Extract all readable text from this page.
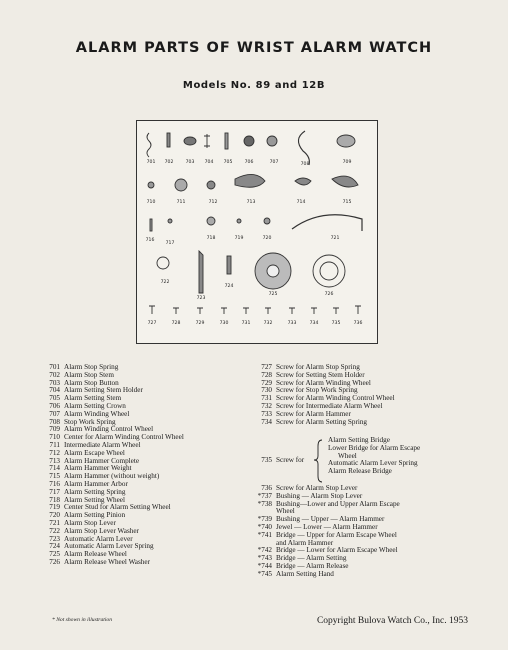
ALARM PARTS OF WRIST ALARM WATCH
Models No. 89 and 12B
701 702	703 704 705	706	707	708	709
710	711	712	713	714	715
716
717
718	719	720	721
722
723
724
725	726
727	728	729	730	731	732	733	734	735	736
701 Alarm Stop Spring
702 Alarm Stop Stem
703 Alarm Stop Button
704 Alarm Setting Stem Holder
705 Alarm Setting Stem
706 Alarm Setting Crown
707 Alarm Winding Wheel
708 Stop Work Spring
709 Alarm Winding Control Wheel
710 Center for Alarm Winding Control Wheel
711 Intermediate Alarm Wheel
712 Alarm Escape Wheel
713 Alarm Hammer Complete
714 Alarm Hammer Weight
715 Alarm Hammer (without weight)
716 Alarm Hammer Arbor
717 Alarm Setting Spring
718 Alarm Setting Wheel
719 Center Stud for Alarm Setting Wheel
720 Alarm Setting Pinion
721 Alarm Stop Lever
722 Alarm Stop Lever Washer
723 Automatic Alarm Lever
724 Automatic Alarm Lever Spring
725 Alarm Release Wheel
726 Alarm Release Wheel Washer
727 Screw for Alarm Stop Spring
728 Screw for Setting Stem Holder
729 Screw for Alarm Winding Wheel
730 Screw for Stop Work Spring
731 Screw for Alarm Winding Control Wheel
732 Screw for Intermediate Alarm Wheel
733 Screw for Alarm Hammer
734 Screw for Alarm Setting Spring
735 Screw for
Alarm Setting Bridge
Lower Bridge for Alarm Escape
Wheel
Automatic Alarm Lever Spring
Alarm Release Bridge
736 Screw for Alarm Stop Lever
*737 Bushing — Alarm Stop Lever
*738 Bushing—Lower and Upper Alarm Escape
Wheel
*739 Bushing — Upper — Alarm Hammer
*740 Jewel — Lower — Alarm Hammer
*741 Bridge — Upper for Alarm Escape Wheel
and Alarm Hammer
*742 Bridge — Lower for Alarm Escape Wheel
*743 Bridge — Alarm Setting
*744 Bridge — Alarm Release
*745 Alarm Setting Hand
* Not shown in illustration	Copyright Bulova Watch Co., Inc. 1953
